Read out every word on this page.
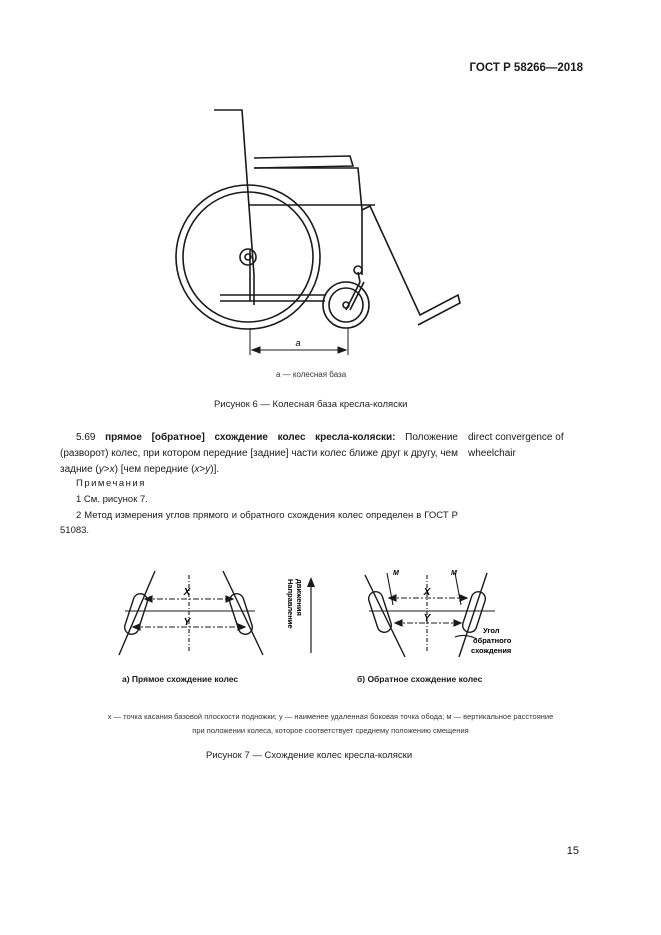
ГОСТ Р 58266—2018
a
a — колесная база
Рисунок 6 — Колесная база кресла-коляски
5.69 прямое [обратное] схождение колес кресла-коляски: Положение (разворот) колес, при котором передние [задние] части колес ближе друг к другу, чем задние (y>x) [чем передние (x>y)].
direct convergence of wheelchair
Примечания
1 См. рисунок 7.
2 Метод измерения углов прямого и обратного схождения колес определен в ГОСТ Р 51083.
X
Y	Направление движения	X
Y
M	M
Угол
обратного
схождения
а) Прямое схождение колес	б) Обратное схождение колес
x — точка касания базовой плоскости подножки; y — наименее удаленная боковая точка обода; м — вертикальное расстояние
при положении колеса, которое соответствует среднему положению смещения
Рисунок 7 — Схождение колес кресла-коляски
15
